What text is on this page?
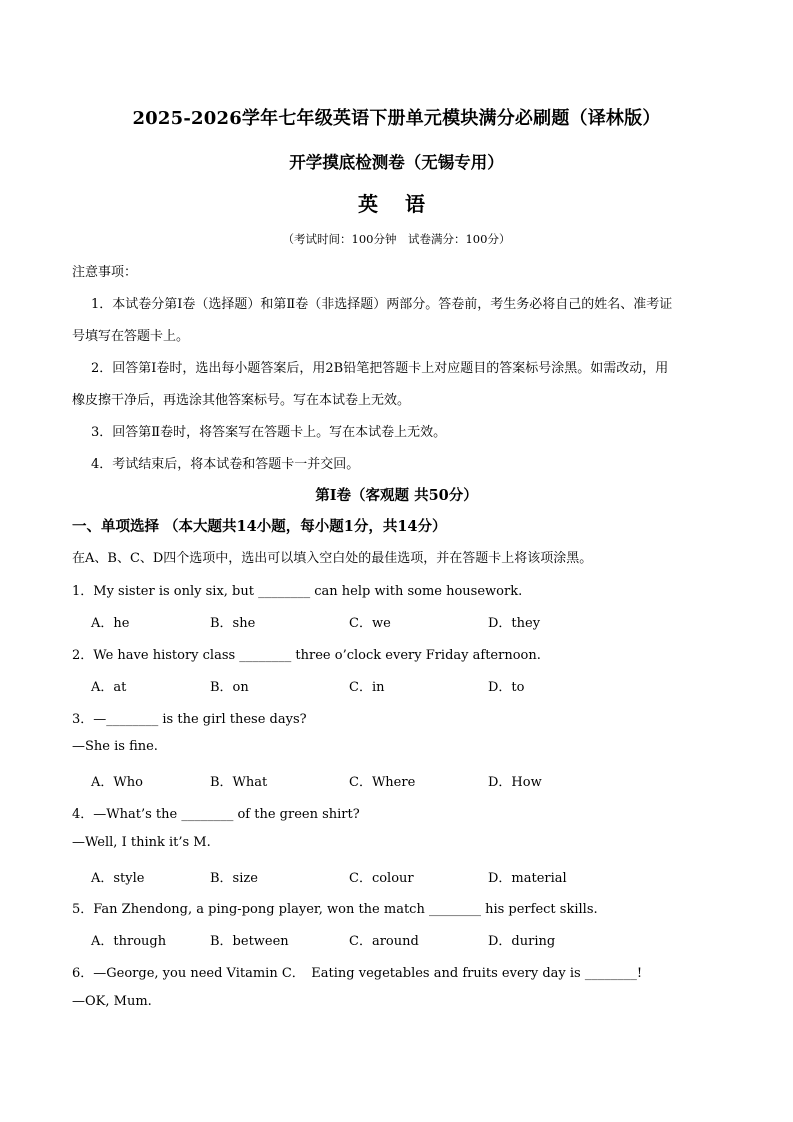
2025-2026学年七年级英语下册单元模块满分必刷题（译林版）
开学摸底检测卷（无锡专用）
英 语
（考试时间：100分钟　试卷满分：100分）
注意事项：
1．本试卷分第Ⅰ卷（选择题）和第Ⅱ卷（非选择题）两部分。答卷前，考生务必将自己的姓名、准考证
号填写在答题卡上。
2．回答第Ⅰ卷时，选出每小题答案后，用2B铅笔把答题卡上对应题目的答案标号涂黑。如需改动，用
橡皮擦干净后，再选涂其他答案标号。写在本试卷上无效。
3．回答第Ⅱ卷时，将答案写在答题卡上。写在本试卷上无效。
4．考试结束后，将本试卷和答题卡一并交回。
第Ⅰ卷（客观题 共50分）
一、单项选择 （本大题共14小题，每小题1分，共14分）
在A、B、C、D四个选项中，选出可以填入空白处的最佳选项，并在答题卡上将该项涂黑。
1．My sister is only six, but ________ can help with some housework.
A．he	B．she	C．we	D．they
2．We have history class ________ three o’clock every Friday afternoon.
A．at	B．on	C．in	D．to
3．—________ is the girl these days?
—She is fine.
A．Who	B．What	C．Where	D．How
4．—What’s the ________ of the green shirt?
—Well, I think it’s M.
A．style	B．size	C．colour	D．material
5．Fan Zhendong, a ping-pong player, won the match ________ his perfect skills.
A．through	B．between	C．around	D．during
6．—George, you need Vitamin C．　Eating vegetables and fruits every day is ________!
—OK, Mum.
